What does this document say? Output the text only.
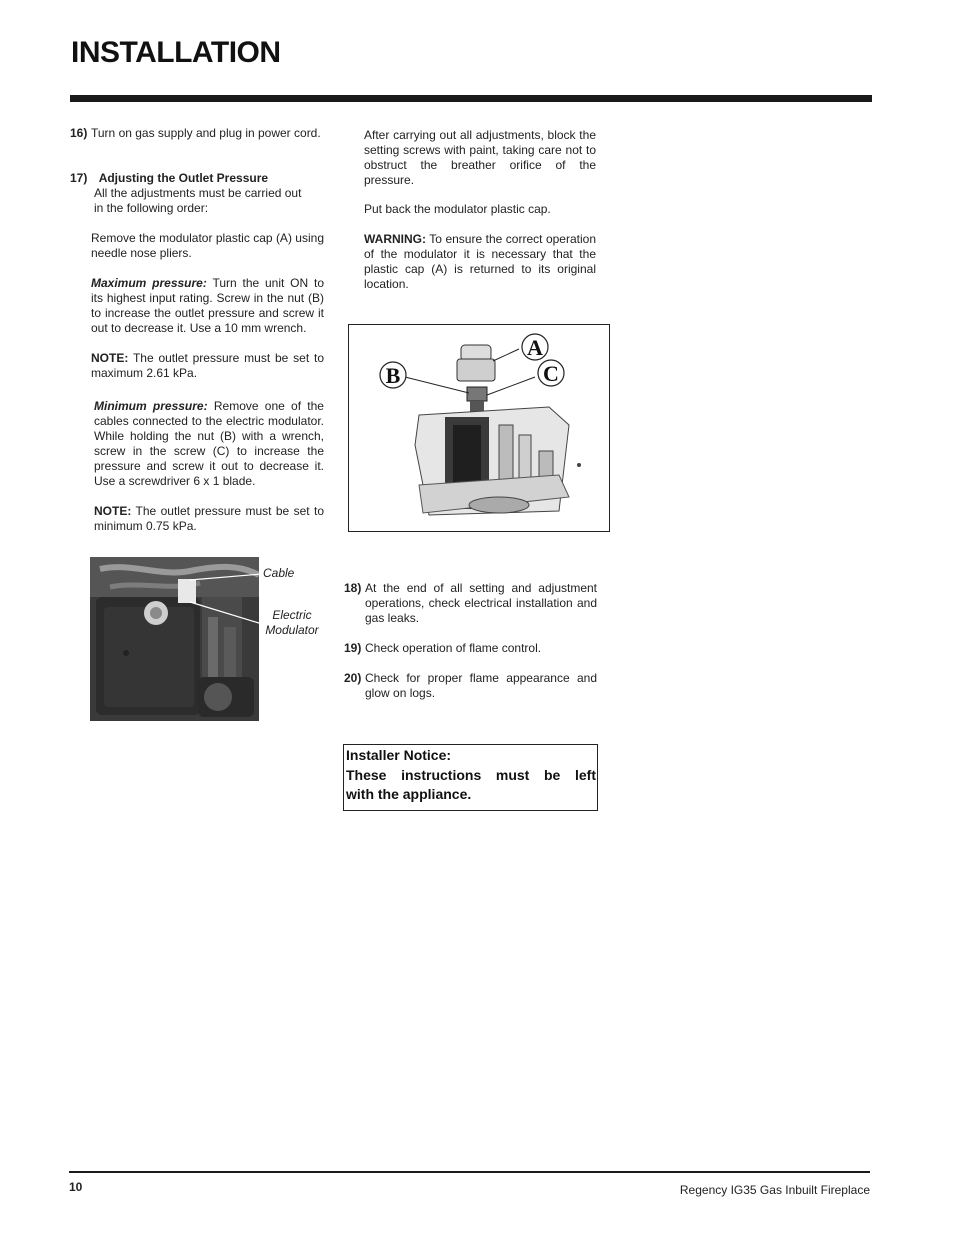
INSTALLATION
16) Turn on gas supply and plug in power cord.

17) Adjusting the Outlet Pressure
All the adjustments must be carried out
in the following order:

Remove the modulator plastic cap (A) using needle nose pliers.

Maximum pressure: Turn the unit ON to its highest input rating. Screw in the nut (B) to increase the outlet pressure and screw it out to decrease it. Use a 10 mm wrench.

NOTE: The outlet pressure must be set to maximum 2.61 kPa.

Minimum pressure: Remove one of the cables connected to the electric modulator. While holding the nut (B) with a wrench, screw in the screw (C) to increase the pressure and screw it out to decrease it. Use a screwdriver 6 x 1 blade.

NOTE: The outlet pressure must be set to minimum 0.75 kPa.

Cable
Electric
Modulator

After carrying out all adjustments, block the setting screws with paint, taking care not to obstruct the breather orifice of the pressure.

Put back the modulator plastic cap.

WARNING: To ensure the correct operation of the modulator it is necessary that the plastic cap (A) is returned to its original location.

A
B	C
18) At the end of all setting and adjustment operations, check electrical installation and gas leaks.

19) Check operation of flame control.

20) Check for proper flame appearance and glow on logs.

Installer Notice:
These instructions must be left
with the appliance.
10	Regency IG35 Gas Inbuilt Fireplace
